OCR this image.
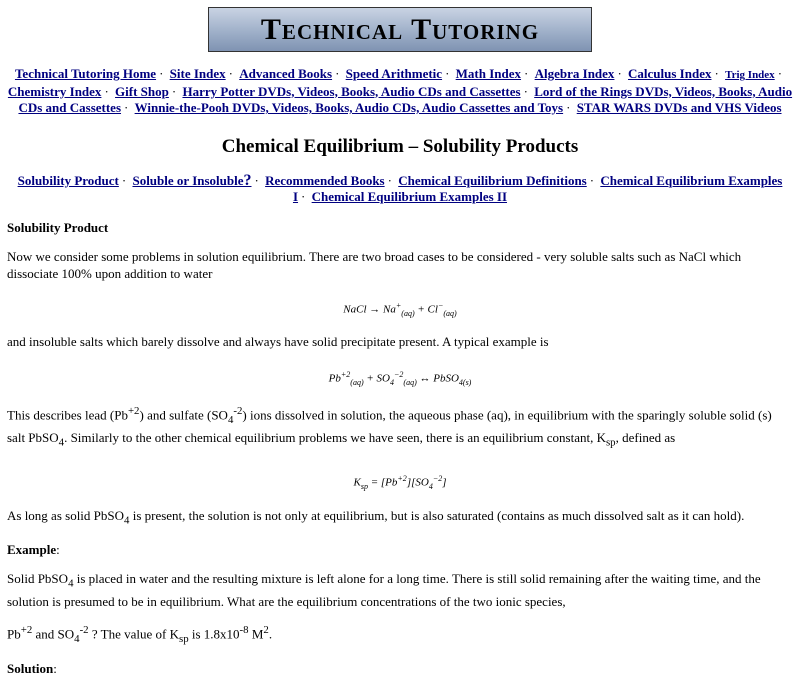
Technical Tutoring
Technical Tutoring Home · Site Index · Advanced Books · Speed Arithmetic · Math Index · Algebra Index · Calculus Index · Trig Index · Chemistry Index · Gift Shop · Harry Potter DVDs, Videos, Books, Audio CDs and Cassettes · Lord of the Rings DVDs, Videos, Books, Audio CDs and Cassettes · Winnie-the-Pooh DVDs, Videos, Books, Audio CDs, Audio Cassettes and Toys · STAR WARS DVDs and VHS Videos
Chemical Equilibrium – Solubility Products
Solubility Product · Soluble or Insoluble? · Recommended Books · Chemical Equilibrium Definitions · Chemical Equilibrium Examples I · Chemical Equilibrium Examples II

Solubility Product

Now we consider some problems in solution equilibrium. There are two broad cases to be considered - very soluble salts such as NaCl which dissociate 100% upon addition to water

NaCl → $Na^+_{(aq)} + Cl^-_{(aq)}$

and insoluble salts which barely dissolve and always have solid precipitate present. A typical example is

$Pb^{+2}_{(aq)} + SO_4^{-2}_{(aq)}$ ↔ PbSO$_{4(s)}$

This describes lead $(Pb^{+2})$ and sulfate $(SO_4^{-2})$ ions dissolved in solution, the aqueous phase (aq), in equilibrium with the sparingly soluble solid (s) salt PbSO$_4$. Similarly to the other chemical equilibrium problems we have seen, there is an equilibrium constant, $K_{sp}$, defined as

$K_{sp} = [Pb^{+2}][SO_4^{-2}]$

As long as solid PbSO$_4$ is present, the solution is not only at equilibrium, but is also saturated (contains as much dissolved salt as it can hold).

Example:

Solid PbSO$_4$ is placed in water and the resulting mixture is left alone for a long time. There is still solid remaining after the waiting time, and the solution is presumed to be in equilibrium. What are the equilibrium concentrations of the two ionic species,

$Pb^{+2}$ and $SO_4^{-2}$ ? The value of $K_{sp}$ is $1.8x10^{-8}$ $M^2$.

Solution:
